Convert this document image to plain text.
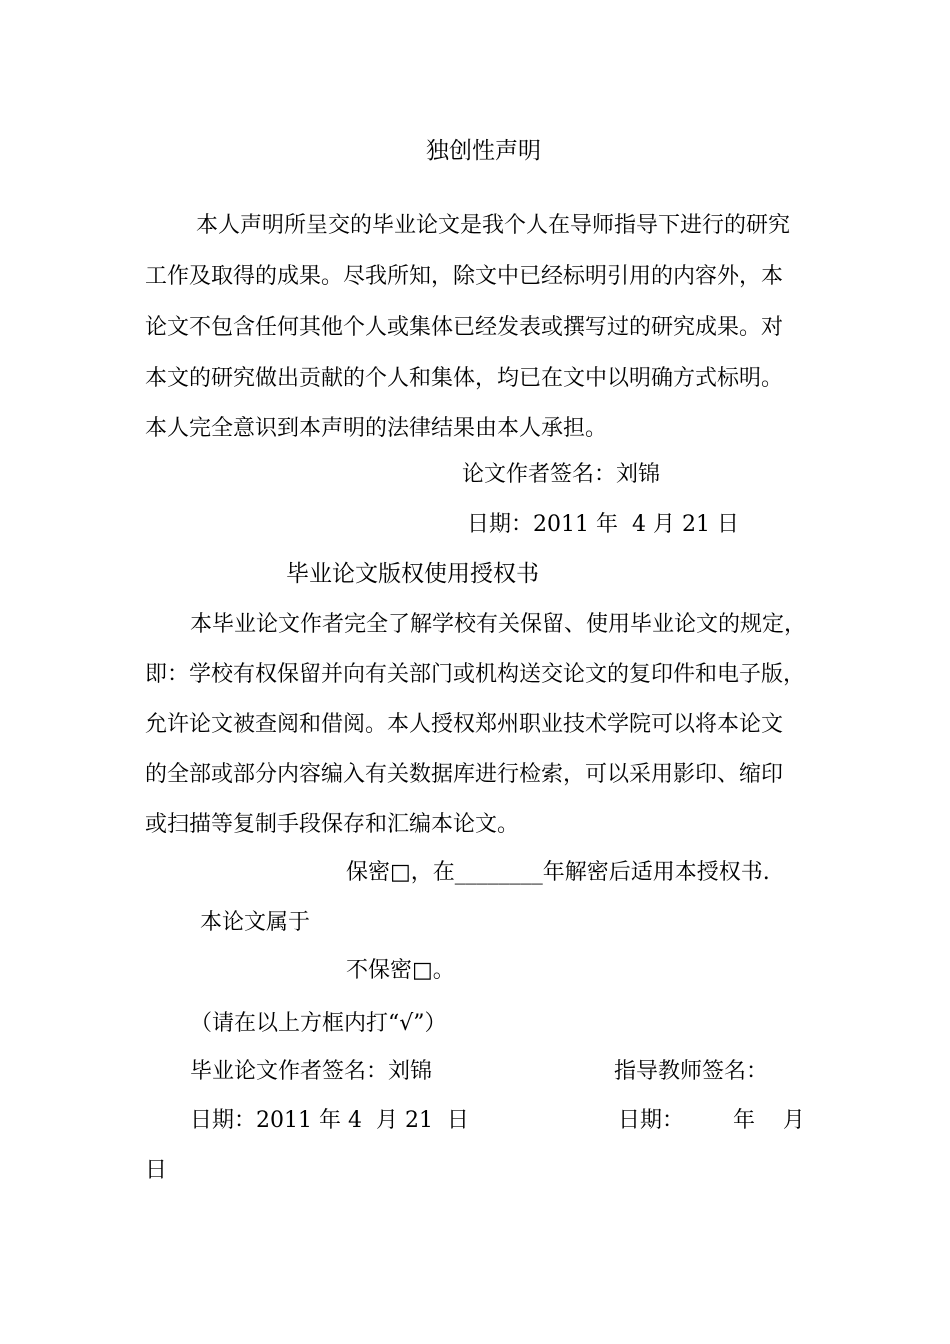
独创性声明
本人声明所呈交的毕业论文是我个人在导师指导下进行的研究
工作及取得的成果。尽我所知，除文中已经标明引用的内容外，本
论文不包含任何其他个人或集体已经发表或撰写过的研究成果。对
本文的研究做出贡献的个人和集体，均已在文中以明确方式标明。
本人完全意识到本声明的法律结果由本人承担。
论文作者签名：刘锦
日期：2011 年  4 月 21 日
毕业论文版权使用授权书
本毕业论文作者完全了解学校有关保留、使用毕业论文的规定，
即：学校有权保留并向有关部门或机构送交论文的复印件和电子版，
允许论文被查阅和借阅。本人授权郑州职业技术学院可以将本论文
的全部或部分内容编入有关数据库进行检索，可以采用影印、缩印
或扫描等复制手段保存和汇编本论文。
保密□，在________年解密后适用本授权书.
本论文属于
不保密□。
（请在以上方框内打“√”）
毕业论文作者签名：刘锦	指导教师签名：
日期：2011 年 4  月 21  日	日期：       年    月
日
